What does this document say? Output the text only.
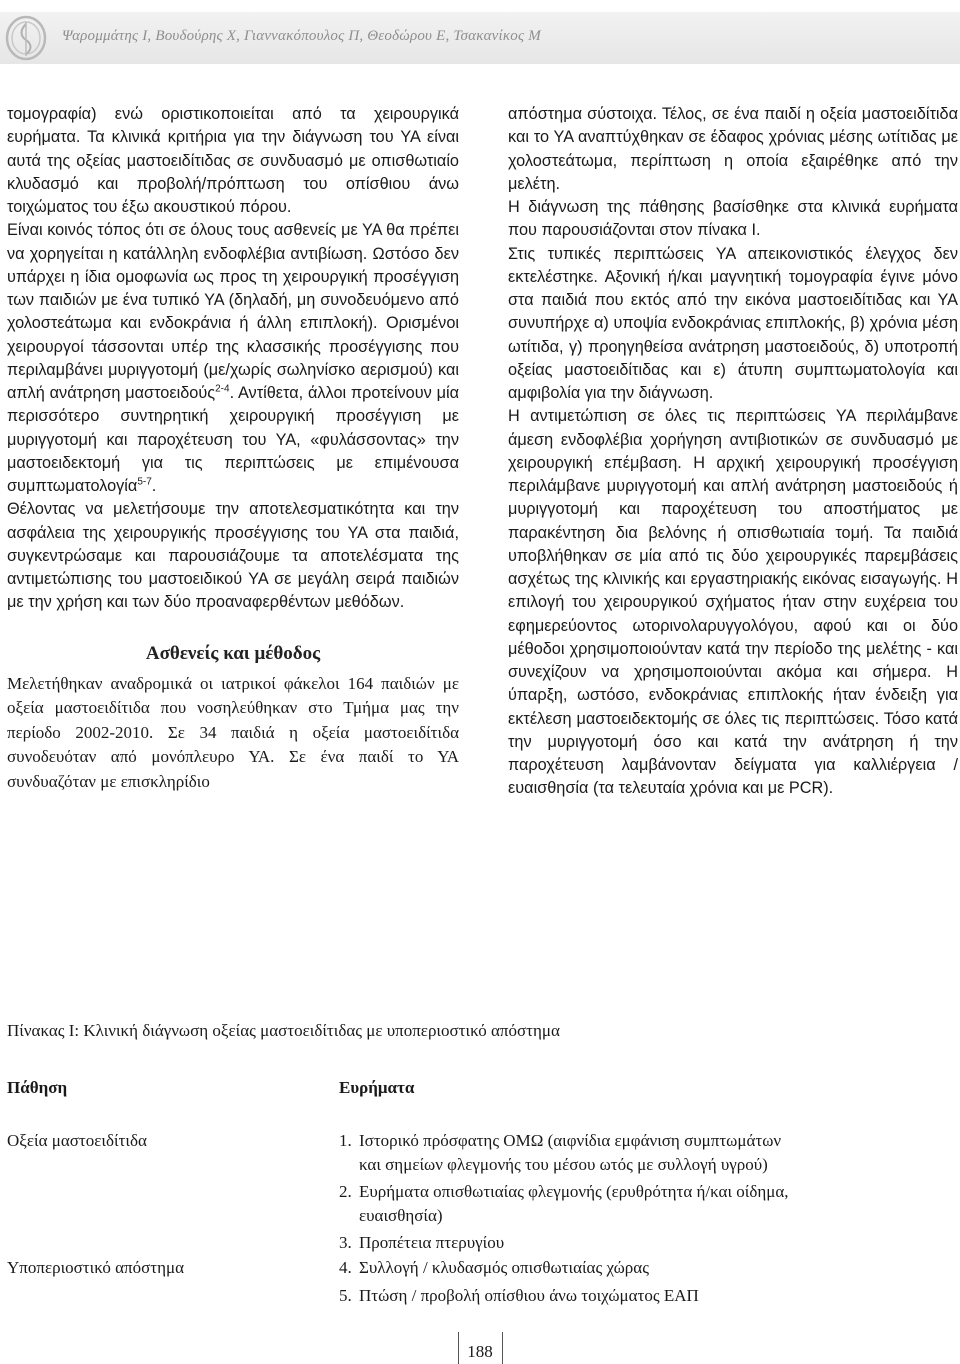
Ψαρομμάτης Ι, Βουδούρης Χ, Γιαννακόπουλος Π, Θεοδώρου Ε, Τσακανίκος Μ

τομογραφία) ενώ οριστικοποιείται από τα χειρουργικά ευρήματα. Τα κλινικά κριτήρια για την διάγνωση του ΥΑ είναι αυτά της οξείας μαστοειδίτιδας σε συνδυασμό με οπισθωτιαίο κλυδασμό και προβολή/πρόπτωση του οπίσθιου άνω τοιχώματος του έξω ακουστικού πόρου.

Είναι κοινός τόπος ότι σε όλους τους ασθενείς με ΥΑ θα πρέπει να χορηγείται η κατάλληλη ενδοφλέβια αντιβίωση. Ωστόσο δεν υπάρχει η ίδια ομοφωνία ως προς τη χειρουργική προσέγγιση των παιδιών με ένα τυπικό ΥΑ (δηλαδή, μη συνοδευόμενο από χολοστεάτωμα και ενδοκράνια ή άλλη επιπλοκή). Ορισμένοι χειρουργοί τάσσονται υπέρ της κλασσικής προσέγγισης που περιλαμβάνει μυριγγοτομή (με/χωρίς σωληνίσκο αερισμού) και απλή ανάτρηση μαστοειδούς$^{2-4}$. Αντίθετα, άλλοι προτείνουν μία περισσότερο συντηρητική χειρουργική προσέγγιση με μυριγγοτομή και παροχέτευση του ΥΑ, «φυλάσσοντας» την μαστοειδεκτομή για τις περιπτώσεις με επιμένουσα συμπτωματολογία$^{5-7}$.

Θέλοντας να μελετήσουμε την αποτελεσματικότητα και την ασφάλεια της χειρουργικής προσέγγισης του ΥΑ στα παιδιά, συγκεντρώσαμε και παρουσιάζουμε τα αποτελέσματα της αντιμετώπισης του μαστοειδικού ΥΑ σε μεγάλη σειρά παιδιών με την χρήση και των δύο προαναφερθέντων μεθόδων.

Ασθενείς και μέθοδος

Μελετήθηκαν αναδρομικά οι ιατρικοί φάκελοι 164 παιδιών με οξεία μαστοειδίτιδα που νοσηλεύθηκαν στο Τμήμα μας την περίοδο 2002-2010. Σε 34 παιδιά η οξεία μαστοειδίτιδα συνοδευόταν από μονόπλευρο ΥΑ. Σε ένα παιδί το ΥΑ συνδυαζόταν με επισκληρίδιο

απόστημα σύστοιχα. Τέλος, σε ένα παιδί η οξεία μαστοειδίτιδα και το ΥΑ αναπτύχθηκαν σε έδαφος χρόνιας μέσης ωτίτιδας με χολοστεάτωμα, περίπτωση η οποία εξαιρέθηκε από την μελέτη.

Η διάγνωση της πάθησης βασίσθηκε στα κλινικά ευρήματα που παρουσιάζονται στον πίνακα Ι.

Στις τυπικές περιπτώσεις ΥΑ απεικονιστικός έλεγχος δεν εκτελέστηκε. Αξονική ή/και μαγνητική τομογραφία έγινε μόνο στα παιδιά που εκτός από την εικόνα μαστοειδίτιδας και ΥΑ συνυπήρχε α) υποψία ενδοκράνιας επιπλοκής, β) χρόνια μέση ωτίτιδα, γ) προηγηθείσα ανάτρηση μαστοειδούς, δ) υποτροπή οξείας μαστοειδίτιδας και ε) άτυπη συμπτωματολογία και αμφιβολία για την διάγνωση.

Η αντιμετώπιση σε όλες τις περιπτώσεις ΥΑ περιλάμβανε άμεση ενδοφλέβια χορήγηση αντιβιοτικών σε συνδυασμό με χειρουργική επέμβαση. Η αρχική χειρουργική προσέγγιση περιλάμβανε μυριγγοτομή και απλή ανάτρηση μαστοειδούς ή μυριγγοτομή και παροχέτευση του αποστήματος με παρακέντηση δια βελόνης ή οπισθωτιαία τομή. Τα παιδιά υποβλήθηκαν σε μία από τις δύο χειρουργικές παρεμβάσεις ασχέτως της κλινικής και εργαστηριακής εικόνας εισαγωγής. Η επιλογή του χειρουργικού σχήματος ήταν στην ευχέρεια του εφημερεύοντος ωτορινολαρυγγολόγου, αφού και οι δύο μέθοδοι χρησιμοποιούνταν κατά την περίοδο της μελέτης - και συνεχίζουν να χρησιμοποιούνται ακόμα και σήμερα. Η ύπαρξη, ωστόσο, ενδοκράνιας επιπλοκής ήταν ένδειξη για εκτέλεση μαστοειδεκτομής σε όλες τις περιπτώσεις. Τόσο κατά την μυριγγοτομή όσο και κατά την ανάτρηση ή την παροχέτευση λαμβάνονταν δείγματα για καλλιέργεια / ευαισθησία (τα τελευταία χρόνια και με PCR).

Πίνακας Ι: Κλινική διάγνωση οξείας μαστοειδίτιδας με υποπεριοστικό απόστημα
Πάθηση	Ευρήματα
Οξεία μαστοειδίτιδα
Υποπεριοστικό απόστημα
1. Ιστορικό πρόσφατης ΟΜΩ (αιφνίδια εμφάνιση συμπτωμάτων
και σημείων φλεγμονής του μέσου ωτός με συλλογή υγρού)
2. Ευρήματα οπισθωτιαίας φλεγμονής (ερυθρότητα ή/και οίδημα,
ευαισθησία)
3. Προπέτεια πτερυγίου
4. Συλλογή / κλυδασμός οπισθωτιαίας χώρας
5. Πτώση / προβολή οπίσθιου άνω τοιχώματος ΕΑΠ
188
